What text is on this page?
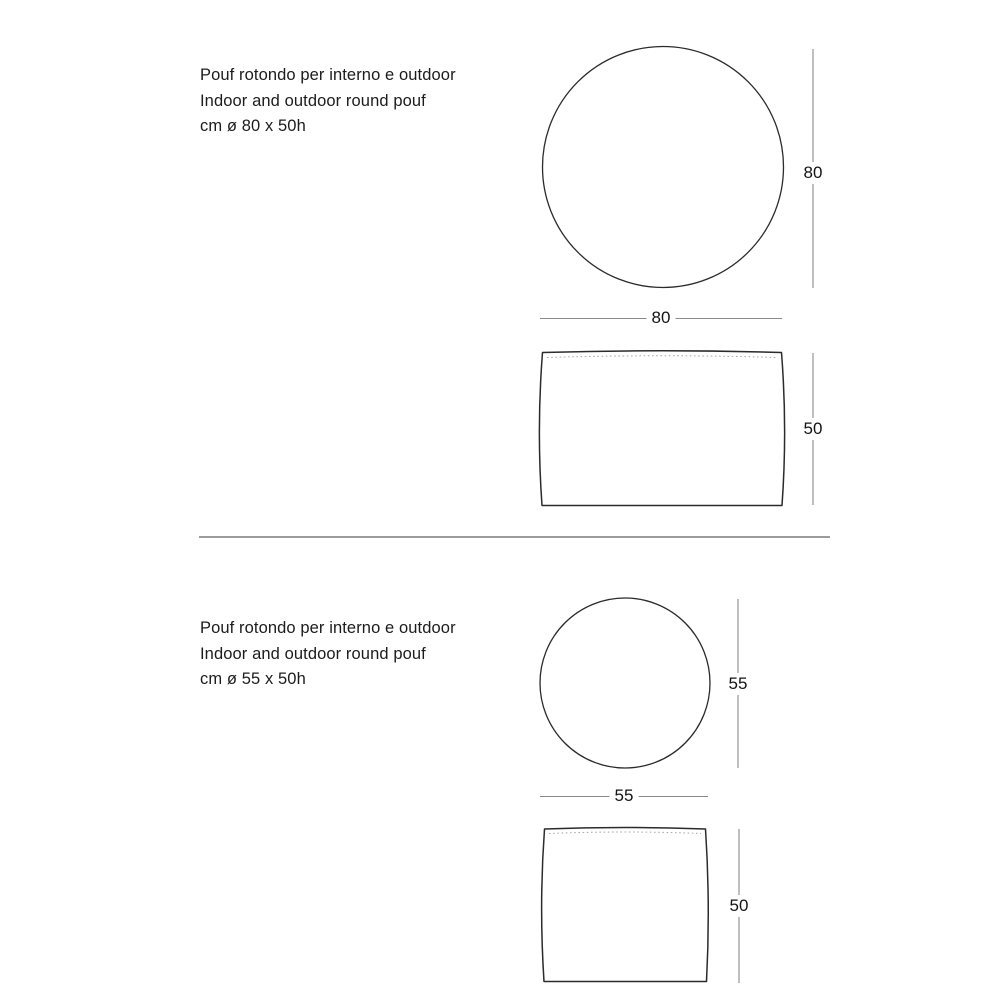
Pouf rotondo per interno e outdoor
Indoor and outdoor round pouf
cm ø 80 x 50h
80
80
50
Pouf rotondo per interno e outdoor
Indoor and outdoor round pouf
cm ø 55 x 50h	55
55
50
